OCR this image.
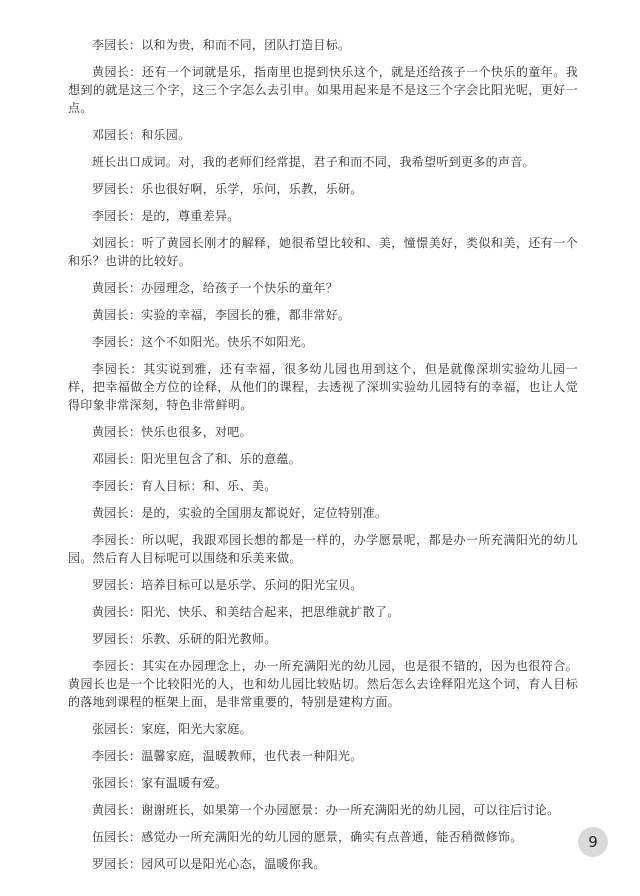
李园长：以和为贵，和而不同，团队打造目标。

黄园长：还有一个词就是乐，指南里也提到快乐这个，就是还给孩子一个快乐的童年。我想到的就是这三个字，这三个字怎么去引申。如果用起来是不是这三个字会比阳光呢，更好一点。

邓园长：和乐园。

班长出口成词。对，我的老师们经常提，君子和而不同，我希望听到更多的声音。

罗园长：乐也很好啊，乐学，乐问，乐教，乐研。

李园长：是的，尊重差异。

刘园长：听了黄园长刚才的解释，她很希望比较和、美，憧憬美好，类似和美，还有一个和乐？也讲的比较好。

黄园长：办园理念，给孩子一个快乐的童年？

黄园长：实验的幸福，李园长的雅，都非常好。

李园长：这个不如阳光。快乐不如阳光。

李园长：其实说到雅，还有幸福，很多幼儿园也用到这个，但是就像深圳实验幼儿园一样，把幸福做全方位的诠释，从他们的课程，去透视了深圳实验幼儿园特有的幸福，也让人觉得印象非常深刻，特色非常鲜明。

黄园长：快乐也很多，对吧。

邓园长：阳光里包含了和、乐的意蕴。

李园长：育人目标：和、乐、美。

黄园长：是的，实验的全国朋友都说好，定位特别准。

李园长：所以呢，我跟邓园长想的都是一样的，办学愿景呢，都是办一所充满阳光的幼儿园。然后育人目标呢可以围绕和乐美来做。

罗园长：培养目标可以是乐学、乐问的阳光宝贝。

黄园长：阳光、快乐、和美结合起来，把思维就扩散了。

罗园长：乐教、乐研的阳光教师。

李园长：其实在办园理念上，办一所充满阳光的幼儿园，也是很不错的，因为也很符合。黄园长也是一个比较阳光的人，也和幼儿园比较贴切。然后怎么去诠释阳光这个词，育人目标的落地到课程的框架上面，是非常重要的，特别是建构方面。

张园长：家庭，阳光大家庭。

李园长：温馨家庭，温暖教师，也代表一种阳光。

张园长：家有温暖有爱。

黄园长：谢谢班长，如果第一个办园愿景：办一所充满阳光的幼儿园，可以往后讨论。

伍园长：感觉办一所充满阳光的幼儿园的愿景，确实有点普通，能否稍微修饰。

罗园长：园风可以是阳光心态，温暖你我。

9
